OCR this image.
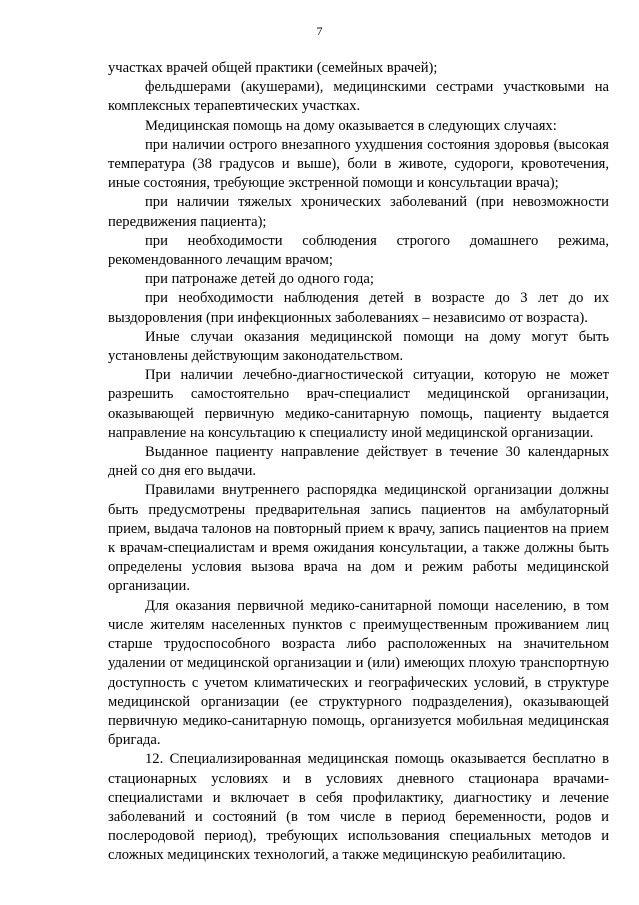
7

участках врачей общей практики (семейных врачей);

фельдшерами (акушерами), медицинскими сестрами участковыми на комплексных терапевтических участках.

Медицинская помощь на дому оказывается в следующих случаях:

при наличии острого внезапного ухудшения состояния здоровья (высокая температура (38 градусов и выше), боли в животе, судороги, кровотечения, иные состояния, требующие экстренной помощи и консультации врача);

при наличии тяжелых хронических заболеваний (при невозможности передвижения пациента);

при необходимости соблюдения строгого домашнего режима, рекомендованного лечащим врачом;

при патронаже детей до одного года;

при необходимости наблюдения детей в возрасте до 3 лет до их выздоровления (при инфекционных заболеваниях – независимо от возраста).

Иные случаи оказания медицинской помощи на дому могут быть установлены действующим законодательством.

При наличии лечебно-диагностической ситуации, которую не может разрешить самостоятельно врач-специалист медицинской организации, оказывающей первичную медико-санитарную помощь, пациенту выдается направление на консультацию к специалисту иной медицинской организации.

Выданное пациенту направление действует в течение 30 календарных дней со дня его выдачи.

Правилами внутреннего распорядка медицинской организации должны быть предусмотрены предварительная запись пациентов на амбулаторный прием, выдача талонов на повторный прием к врачу, запись пациентов на прием к врачам-специалистам и время ожидания консультации, а также должны быть определены условия вызова врача на дом и режим работы медицинской организации.

Для оказания первичной медико-санитарной помощи населению, в том числе жителям населенных пунктов с преимущественным проживанием лиц старше трудоспособного возраста либо расположенных на значительном удалении от медицинской организации и (или) имеющих плохую транспортную доступность с учетом климатических и географических условий, в структуре медицинской организации (ее структурного подразделения), оказывающей первичную медико-санитарную помощь, организуется мобильная медицинская бригада.

12. Специализированная медицинская помощь оказывается бесплатно в стационарных условиях и в условиях дневного стационара врачами-специалистами и включает в себя профилактику, диагностику и лечение заболеваний и состояний (в том числе в период беременности, родов и послеродовой период), требующих использования специальных методов и сложных медицинских технологий, а также медицинскую реабилитацию.
